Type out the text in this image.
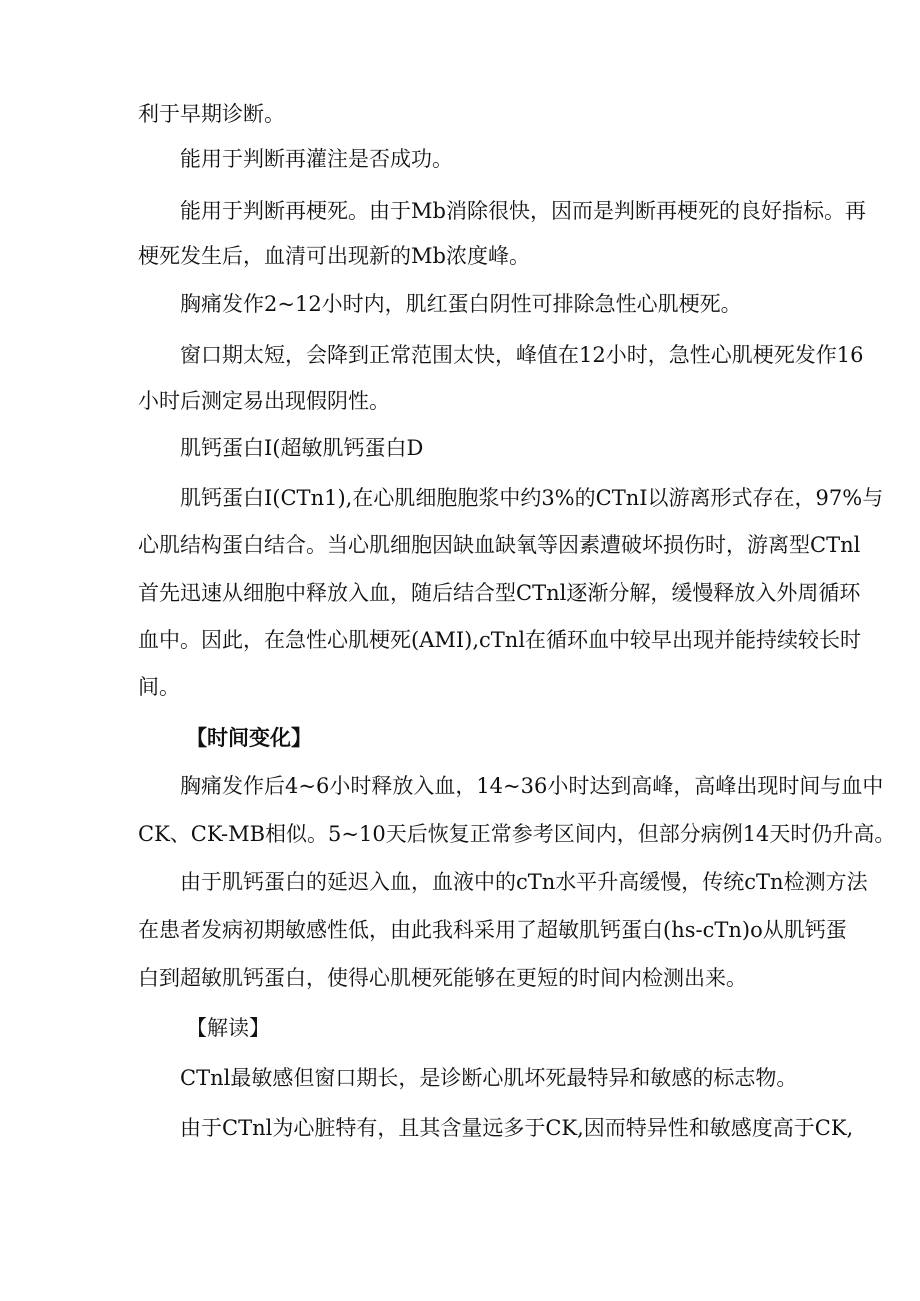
利于早期诊断。

能用于判断再灌注是否成功。

能用于判断再梗死。由于Mb消除很快，因而是判断再梗死的良好指标。再

梗死发生后，血清可出现新的Mb浓度峰。

胸痛发作2~12小时内，肌红蛋白阴性可排除急性心肌梗死。

窗口期太短，会降到正常范围太快，峰值在12小时，急性心肌梗死发作16

小时后测定易出现假阴性。

肌钙蛋白I(超敏肌钙蛋白D

肌钙蛋白I(CTn1),在心肌细胞胞浆中约3%的CTnI以游离形式存在，97%与

心肌结构蛋白结合。当心肌细胞因缺血缺氧等因素遭破坏损伤时，游离型CTnl

首先迅速从细胞中释放入血，随后结合型CTnl逐渐分解，缓慢释放入外周循环

血中。因此，在急性心肌梗死(AMI),cTnl在循环血中较早出现并能持续较长时

间。

【时间变化】

胸痛发作后4~6小时释放入血，14~36小时达到高峰，高峰出现时间与血中

CK、CK-MB相似。5~10天后恢复正常参考区间内，但部分病例14天时仍升高。

由于肌钙蛋白的延迟入血，血液中的cTn水平升高缓慢，传统cTn检测方法

在患者发病初期敏感性低，由此我科采用了超敏肌钙蛋白(hs-cTn)o从肌钙蛋

白到超敏肌钙蛋白，使得心肌梗死能够在更短的时间内检测出来。

【解读】

CTnl最敏感但窗口期长，是诊断心肌坏死最特异和敏感的标志物。

由于CTnl为心脏特有，且其含量远多于CK,因而特异性和敏感度高于CK,
